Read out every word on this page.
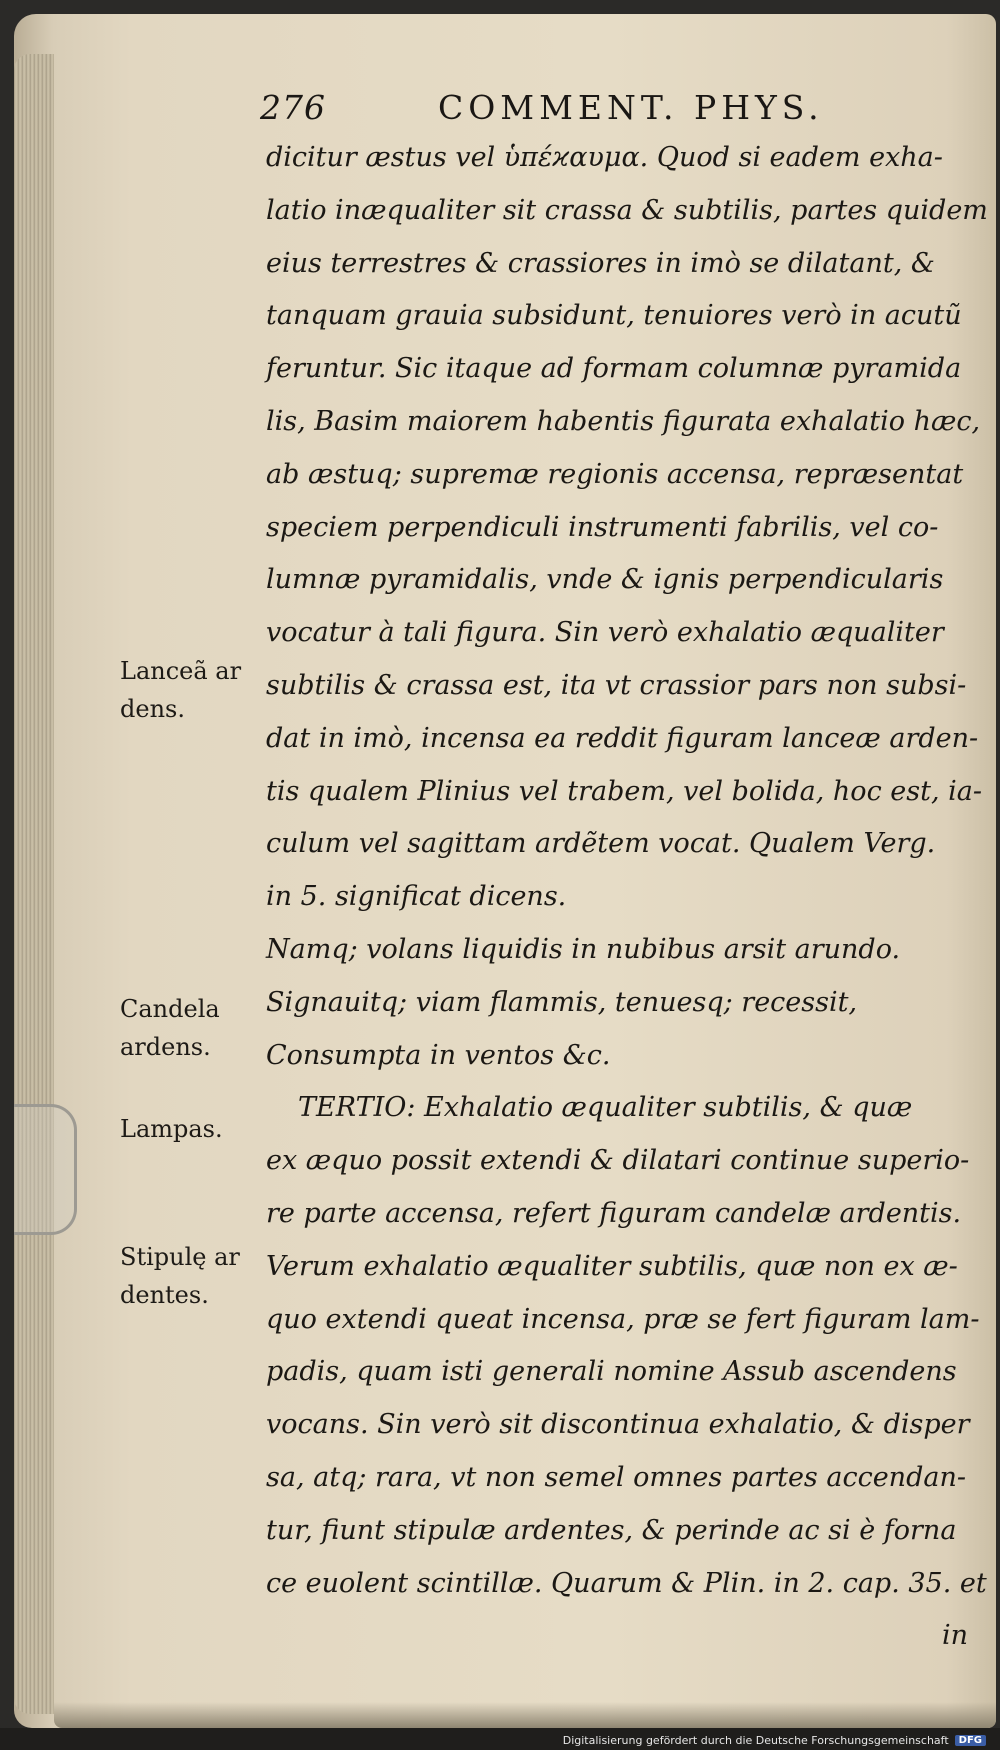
276	COMMENT. PHYS.
dicitur æstus vel ὑπέϰαυμα. Quod si eadem exha-
latio inæqualiter sit crassa & subtilis, partes quidem
eius terrestres & crassiores in imò se dilatant, &
tanquam grauia subsidunt, tenuiores verò in acutũ
feruntur. Sic itaque ad formam columnæ pyramida
lis, Basim maiorem habentis figurata exhalatio hæc,
ab æstuq; supremæ regionis accensa, repræsentat
speciem perpendiculi instrumenti fabrilis, vel co-
lumnæ pyramidalis, vnde & ignis perpendicularis
vocatur à tali figura. Sin verò exhalatio æqualiter
subtilis & crassa est, ita vt crassior pars non subsi-
dat in imò, incensa ea reddit figuram lanceæ arden-
tis qualem Plinius vel trabem, vel bolida, hoc est, ia-
culum vel sagittam ardẽtem vocat. Qualem Verg.
in 5. significat dicens.
Namq; volans liquidis in nubibus arsit arundo.
Signauitq; viam flammis, tenuesq; recessit,
Consumpta in ventos &c.
TERTIO: Exhalatio æqualiter subtilis, & quæ
ex æquo possit extendi & dilatari continue superio-
re parte accensa, refert figuram candelæ ardentis.
Verum exhalatio æqualiter subtilis, quæ non ex æ-
quo extendi queat incensa, præ se fert figuram lam-
padis, quam isti generali nomine Assub ascendens
vocans. Sin verò sit discontinua exhalatio, & disper
sa, atq; rara, vt non semel omnes partes accendan-
tur, fiunt stipulæ ardentes, & perinde ac si è forna
ce euolent scintillæ. Quarum & Plin. in 2. cap. 35. et
in
Lanceã ar
dens.
Candela
ardens.
Lampas.
Stipulę ar
dentes.
Digitalisierung gefördert durch die Deutsche Forschungsgemeinschaft	DFG
